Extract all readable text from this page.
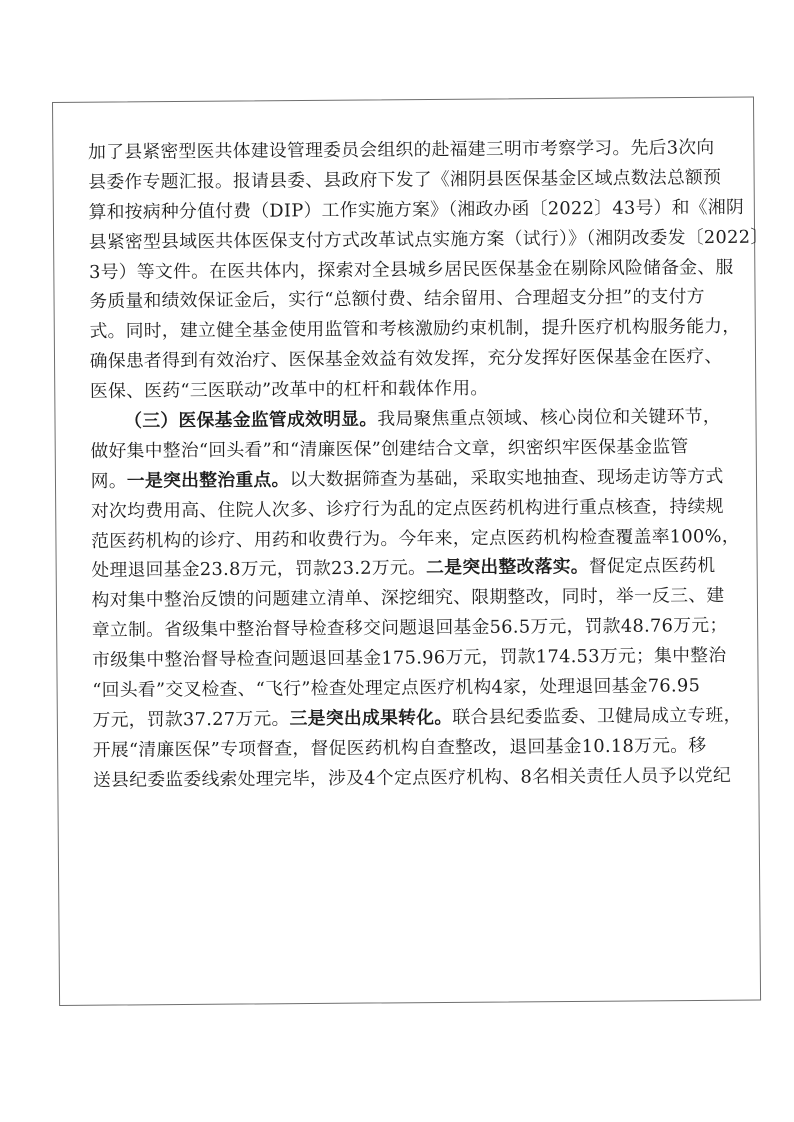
加了县紧密型医共体建设管理委员会组织的赴福建三明市考察学习。先后3次向
县委作专题汇报。报请县委、县政府下发了《湘阴县医保基金区域点数法总额预
算和按病种分值付费（DIP）工作实施方案》（湘政办函〔2022〕43号）和《湘阴
县紧密型县域医共体医保支付方式改革试点实施方案（试行）》（湘阴改委发〔2022〕
3号）等文件。在医共体内，探索对全县城乡居民医保基金在剔除风险储备金、服
务质量和绩效保证金后，实行“总额付费、结余留用、合理超支分担”的支付方
式。同时，建立健全基金使用监管和考核激励约束机制，提升医疗机构服务能力，
确保患者得到有效治疗、医保基金效益有效发挥，充分发挥好医保基金在医疗、
医保、医药“三医联动”改革中的杠杆和载体作用。
（三）医保基金监管成效明显。我局聚焦重点领域、核心岗位和关键环节，
做好集中整治“回头看”和“清廉医保”创建结合文章，织密织牢医保基金监管
网。一是突出整治重点。以大数据筛查为基础，采取实地抽查、现场走访等方式
对次均费用高、住院人次多、诊疗行为乱的定点医药机构进行重点核查，持续规
范医药机构的诊疗、用药和收费行为。今年来，定点医药机构检查覆盖率100%，
处理退回基金23.8万元，罚款23.2万元。二是突出整改落实。督促定点医药机
构对集中整治反馈的问题建立清单、深挖细究、限期整改，同时，举一反三、建
章立制。省级集中整治督导检查移交问题退回基金56.5万元，罚款48.76万元；
市级集中整治督导检查问题退回基金175.96万元，罚款174.53万元；集中整治
“回头看”交叉检查、“飞行”检查处理定点医疗机构4家，处理退回基金76.95
万元，罚款37.27万元。三是突出成果转化。联合县纪委监委、卫健局成立专班，
开展“清廉医保”专项督查，督促医药机构自查整改，退回基金10.18万元。移
送县纪委监委线索处理完毕，涉及4个定点医疗机构、8名相关责任人员予以党纪
